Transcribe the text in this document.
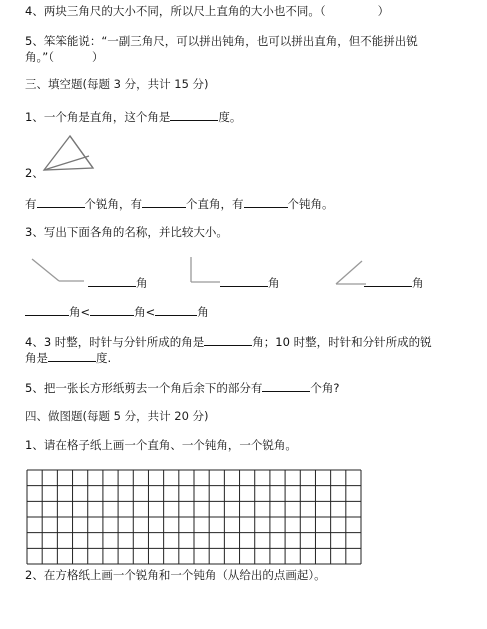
4、两块三角尺的大小不同，所以尺上直角的大小也不同。（	）
5、笨笨能说：“一副三角尺，可以拼出钝角，也可以拼出直角，但不能拼出锐
角。”（	）
三、填空题(每题 3 分，共计 15 分)
1、一个角是直角，这个角是	度。
2、
有	个锐角，有	个直角，有	个钝角。
3、写出下面各角的名称，并比较大小。
角	角	角
角<	角<	角
4、3 时整，时针与分针所成的角是	角；10 时整，时针和分针所成的锐
角是	度.
5、把一张长方形纸剪去一个角后余下的部分有	个角?
四、做图题(每题 5 分，共计 20 分)
1、请在格子纸上画一个直角、一个钝角，一个锐角。
2、在方格纸上画一个锐角和一个钝角（从给出的点画起）。
